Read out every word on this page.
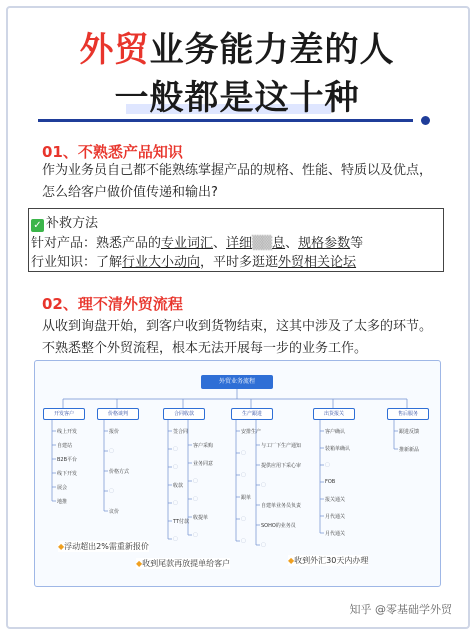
外贸业务能力差的人
一般都是这十种
01、不熟悉产品知识
作为业务员自己都不能熟练掌握产品的规格、性能、特质以及优点，怎么给客户做价值传递和输出?
✓ 补救方法
针对产品：熟悉产品的专业词汇、详细▒▒息、规格参数等
行业知识：了解行业大小动向，平时多逛逛外贸相关论坛
02、理不清外贸流程
从收到询盘开始，到客户收到货物结束，这其中涉及了太多的环节。不熟悉整个外贸流程，根本无法开展每一步的业务工作。
外贸业务流程
开发客户	价格谈判	合同收款	生产跟进	出货报关	售后服务
线上开发
自建站
B2B平台
线下开发
展会
地推
报价
▢
价格方式
▢
议价
签合同
▢
▢
收款
▢
TT付款
▢
客户采购
业务同意
▢
▢
收提单
▢
安排生产
▢
▢
跟单
▢
▢
与工厂下生产通知
提供应用下采心审
▢
自建单业务员负责
SOHO的业务员
▢
客户确认
装箱单确认
▢
FOB
报关通关
月代通关
月代通关
跟进反馈
推新新品
◆浮动超出2%需重新报价
◆收到尾款再放提单给客户	◆收到外汇30天内办理
知乎 @零基础学外贸
